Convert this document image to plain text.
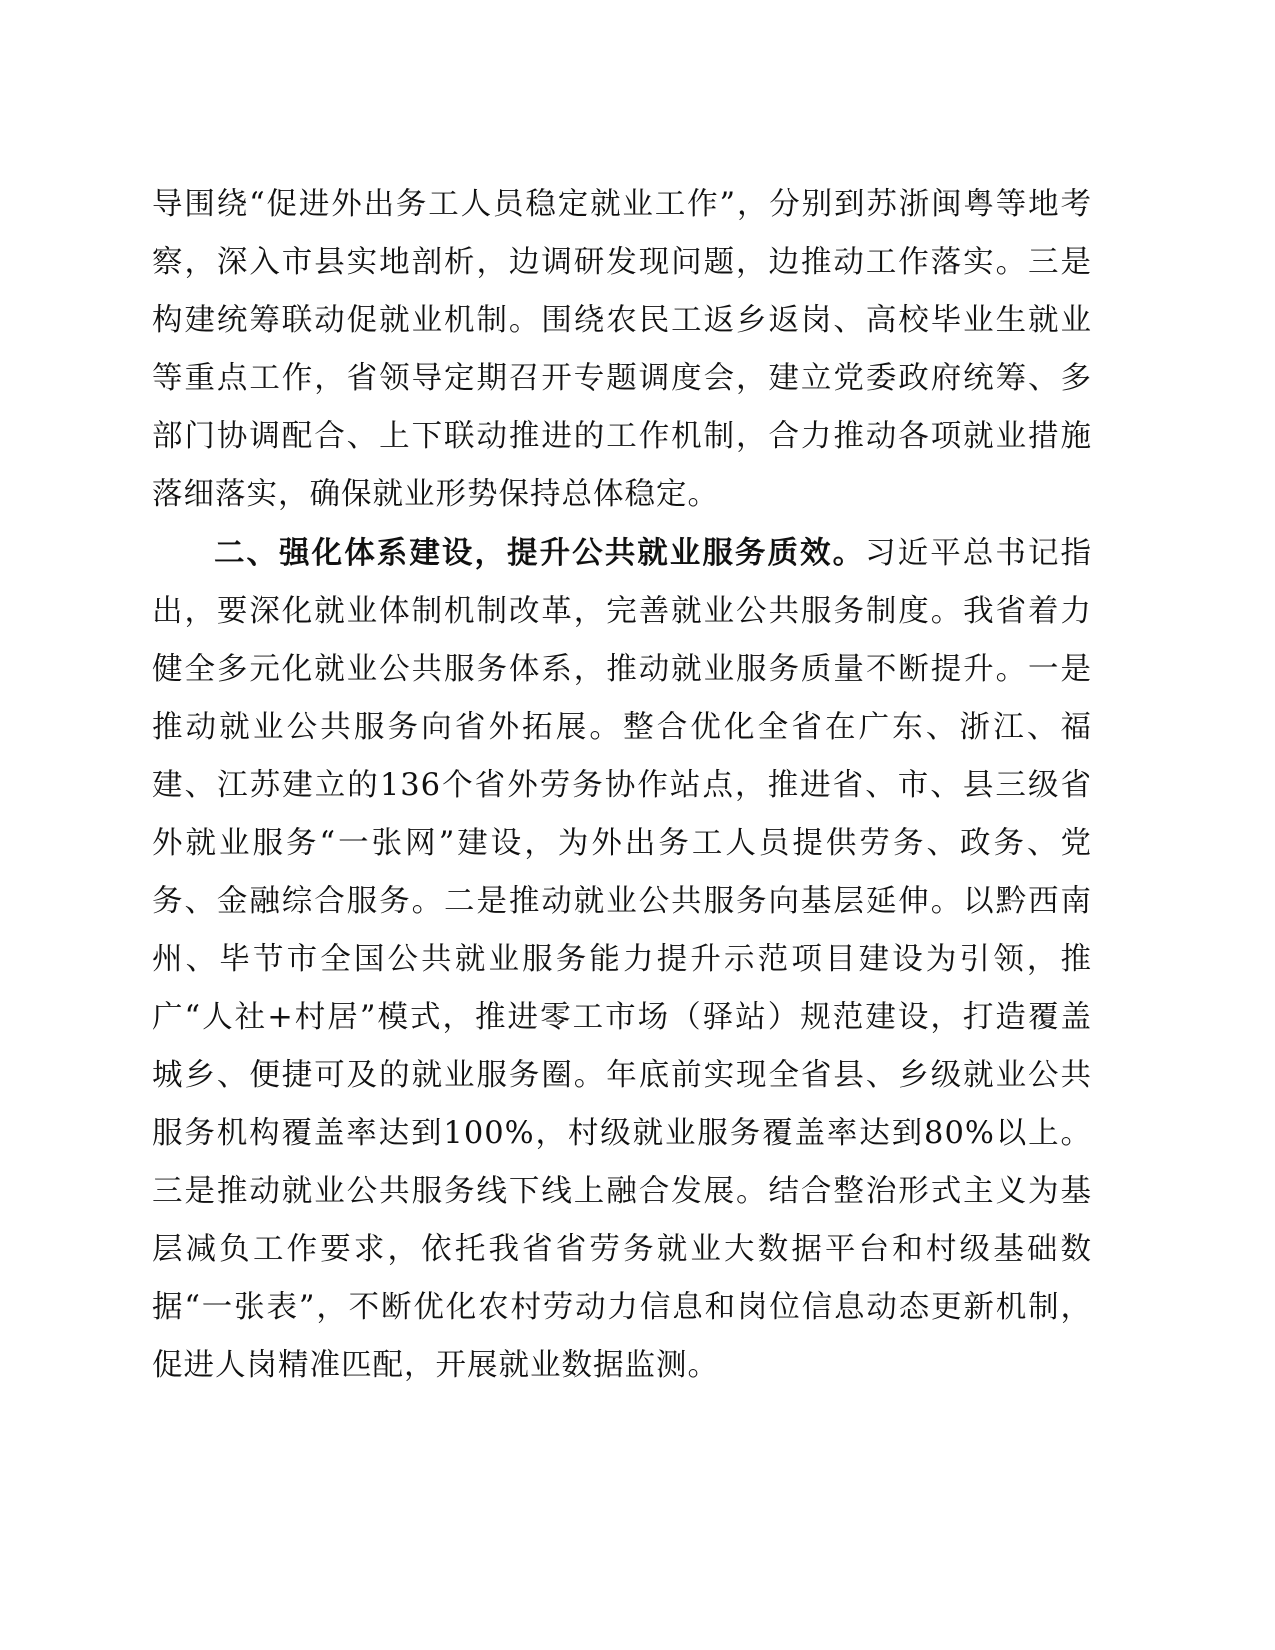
导围绕“促进外出务工人员稳定就业工作”，分别到苏浙闽粤等地考察，深入市县实地剖析，边调研发现问题，边推动工作落实。三是构建统筹联动促就业机制。围绕农民工返乡返岗、高校毕业生就业等重点工作，省领导定期召开专题调度会，建立党委政府统筹、多部门协调配合、上下联动推进的工作机制，合力推动各项就业措施落细落实，确保就业形势保持总体稳定。

二、强化体系建设，提升公共就业服务质效。习近平总书记指出，要深化就业体制机制改革，完善就业公共服务制度。我省着力健全多元化就业公共服务体系，推动就业服务质量不断提升。一是推动就业公共服务向省外拓展。整合优化全省在广东、浙江、福建、江苏建立的136个省外劳务协作站点，推进省、市、县三级省外就业服务“一张网”建设，为外出务工人员提供劳务、政务、党务、金融综合服务。二是推动就业公共服务向基层延伸。以黔西南州、毕节市全国公共就业服务能力提升示范项目建设为引领，推广“人社+村居”模式，推进零工市场（驿站）规范建设，打造覆盖城乡、便捷可及的就业服务圈。年底前实现全省县、乡级就业公共服务机构覆盖率达到100%，村级就业服务覆盖率达到80%以上。三是推动就业公共服务线下线上融合发展。结合整治形式主义为基层减负工作要求，依托我省省劳务就业大数据平台和村级基础数据“一张表”，不断优化农村劳动力信息和岗位信息动态更新机制，促进人岗精准匹配，开展就业数据监测。
